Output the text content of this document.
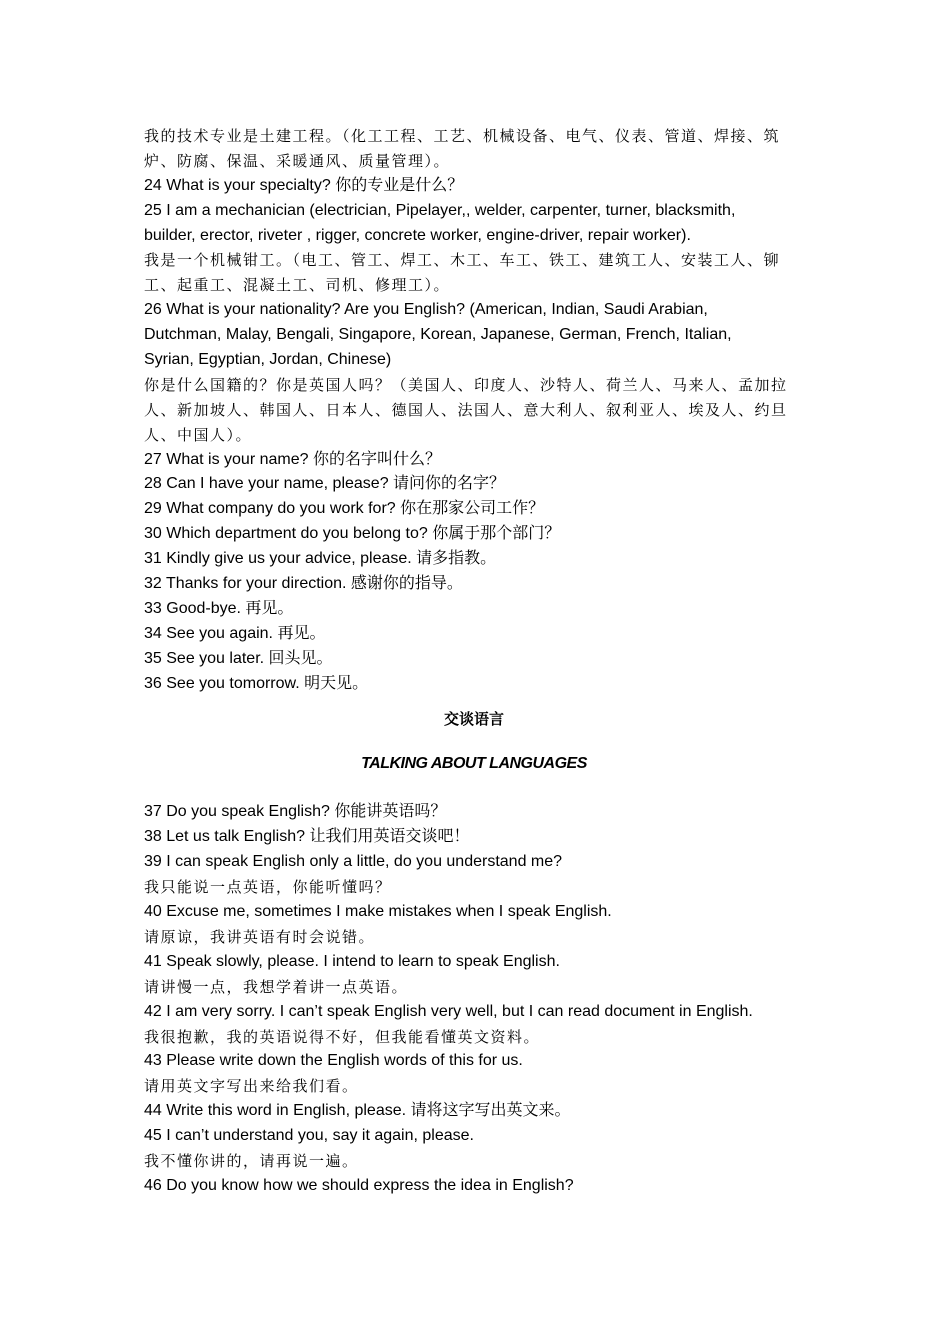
我的技术专业是土建工程。（化工工程、工艺、机械设备、电气、仪表、管道、焊接、筑
炉、防腐、保温、采暖通风、质量管理）。
24 What is your specialty? 你的专业是什么？
25 I am a mechanician (electrician, Pipelayer,, welder, carpenter, turner, blacksmith,
builder, erector, riveter , rigger, concrete worker, engine-driver, repair worker).
我是一个机械钳工。（电工、管工、焊工、木工、车工、铁工、建筑工人、安装工人、铆
工、起重工、混凝土工、司机、修理工）。
26 What is your nationality? Are you English? (American, Indian, Saudi Arabian,
Dutchman, Malay, Bengali, Singapore, Korean, Japanese, German, French, Italian,
Syrian, Egyptian, Jordan, Chinese)
你是什么国籍的？你是英国人吗？（美国人、印度人、沙特人、荷兰人、马来人、孟加拉
人、新加坡人、韩国人、日本人、德国人、法国人、意大利人、叙利亚人、埃及人、约旦
人、中国人）。
27 What is your name? 你的名字叫什么？
28 Can I have your name, please? 请问你的名字？
29 What company do you work for? 你在那家公司工作？
30 Which department do you belong to? 你属于那个部门？
31 Kindly give us your advice, please. 请多指教。
32 Thanks for your direction. 感谢你的指导。
33 Good-bye. 再见。
34 See you again. 再见。
35 See you later. 回头见。
36 See you tomorrow. 明天见。
交谈语言
TALKING ABOUT LANGUAGES
37 Do you speak English? 你能讲英语吗？
38 Let us talk English? 让我们用英语交谈吧！
39 I can speak English only a little, do you understand me?
我只能说一点英语，你能听懂吗？
40 Excuse me, sometimes I make mistakes when I speak English.
请原谅，我讲英语有时会说错。
41 Speak slowly, please. I intend to learn to speak English.
请讲慢一点，我想学着讲一点英语。
42 I am very sorry. I can’t speak English very well, but I can read document in English.
我很抱歉，我的英语说得不好，但我能看懂英文资料。
43 Please write down the English words of this for us.
请用英文字写出来给我们看。
44 Write this word in English, please. 请将这字写出英文来。
45 I can’t understand you, say it again, please.
我不懂你讲的，请再说一遍。
46 Do you know how we should express the idea in English?
